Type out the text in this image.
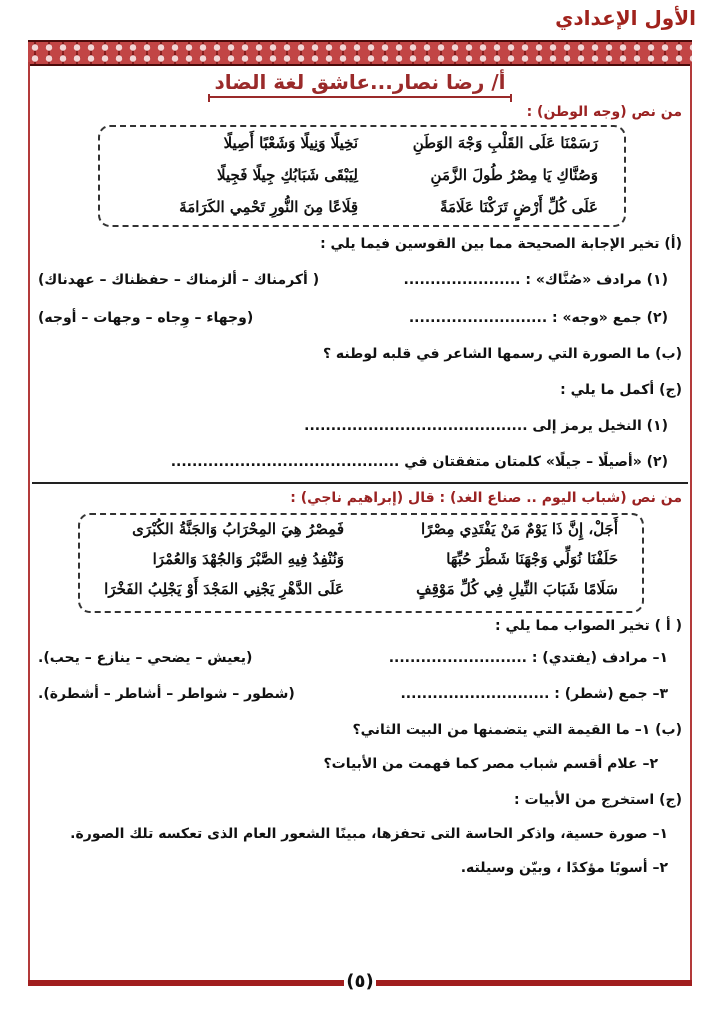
الأول الإعدادي
أ/ رضا نصار...عاشق لغة الضاد
من نص (وجه الوطن) :
رَسَمْنَا عَلَى القَلْبِ وَجْهَ الوَطَنِ
نَخِيلًا وَنِيلًا وَشَعْبًا أَصِيلًا
وَصُنَّاكِ يَا مِصْرُ طُولَ الزَّمَنِ
لِيَبْقَى شَبَابُكِ جِيلًا فَجِيلًا
عَلَى كُلِّ أَرْضٍ تَرَكْنَا عَلَامَةً
قِلَاعًا مِنَ النُّورِ تَحْمِي الكَرَامَةَ
(أ) تخير الإجابة الصحيحة مما بين القوسين فيما يلي :
(١) مرادف «صُنَّاك» : ......................
( أكرمناك – ألزمناك – حفظناك – عهدناك)
(٢) جمع «وجه» : ..........................
(وجهاء – وِجاه – وجهات – أوجه)
(ب) ما الصورة التي رسمها الشاعر في قلبه لوطنه ؟
(ج) أكمل ما يلي :
(١) النخيل يرمز إلى ..........................................
(٢) «أصيلًا – جيلًا» كلمتان متفقتان في ...........................................
من نص (شباب اليوم .. صناع الغد) : قال (إبراهيم ناجي) :
أَجَلْ، إِنَّ ذَا يَوْمٌ مَنْ يَفْتَدِي مِصْرًا
فَمِصْرُ هِيَ المِحْرَابُ وَالجَنَّةُ الكُبْرَى
حَلَفْنَا نُوَلِّي وَجْهَنَا شَطْرَ حُبِّهَا
وَنُنْفِدُ فِيهِ الصَّبْرَ وَالجُهْدَ وَالعُمْرَا
سَلَامًا شَبَابَ النِّيلِ فِي كُلِّ مَوْقِفٍ
عَلَى الدَّهْرِ يَجْنِي المَجْدَ أَوْ يَجْلِبُ الفَخْرَا
( أ ) تخير الصواب مما يلي :
١– مرادف (يفتدي) : ..........................
(يعيش – يضحي – ينازع – يحب).
٣– جمع (شطر) : ............................
(شطور – شواطر – أشاطر – أشطرة).
(ب) ١– ما القيمة التي يتضمنها من البيت الثاني؟
٢– علام أقسم شباب مصر كما فهمت من الأبيات؟
(ج) استخرج من الأبيات :
١– صورة حسية، واذكر الحاسة التى تحفزها، مبينًا الشعور العام الذى تعكسه تلك الصورة.
٢– أسوبًا مؤكدًا ، وبيّن وسيلته.
(٥)
